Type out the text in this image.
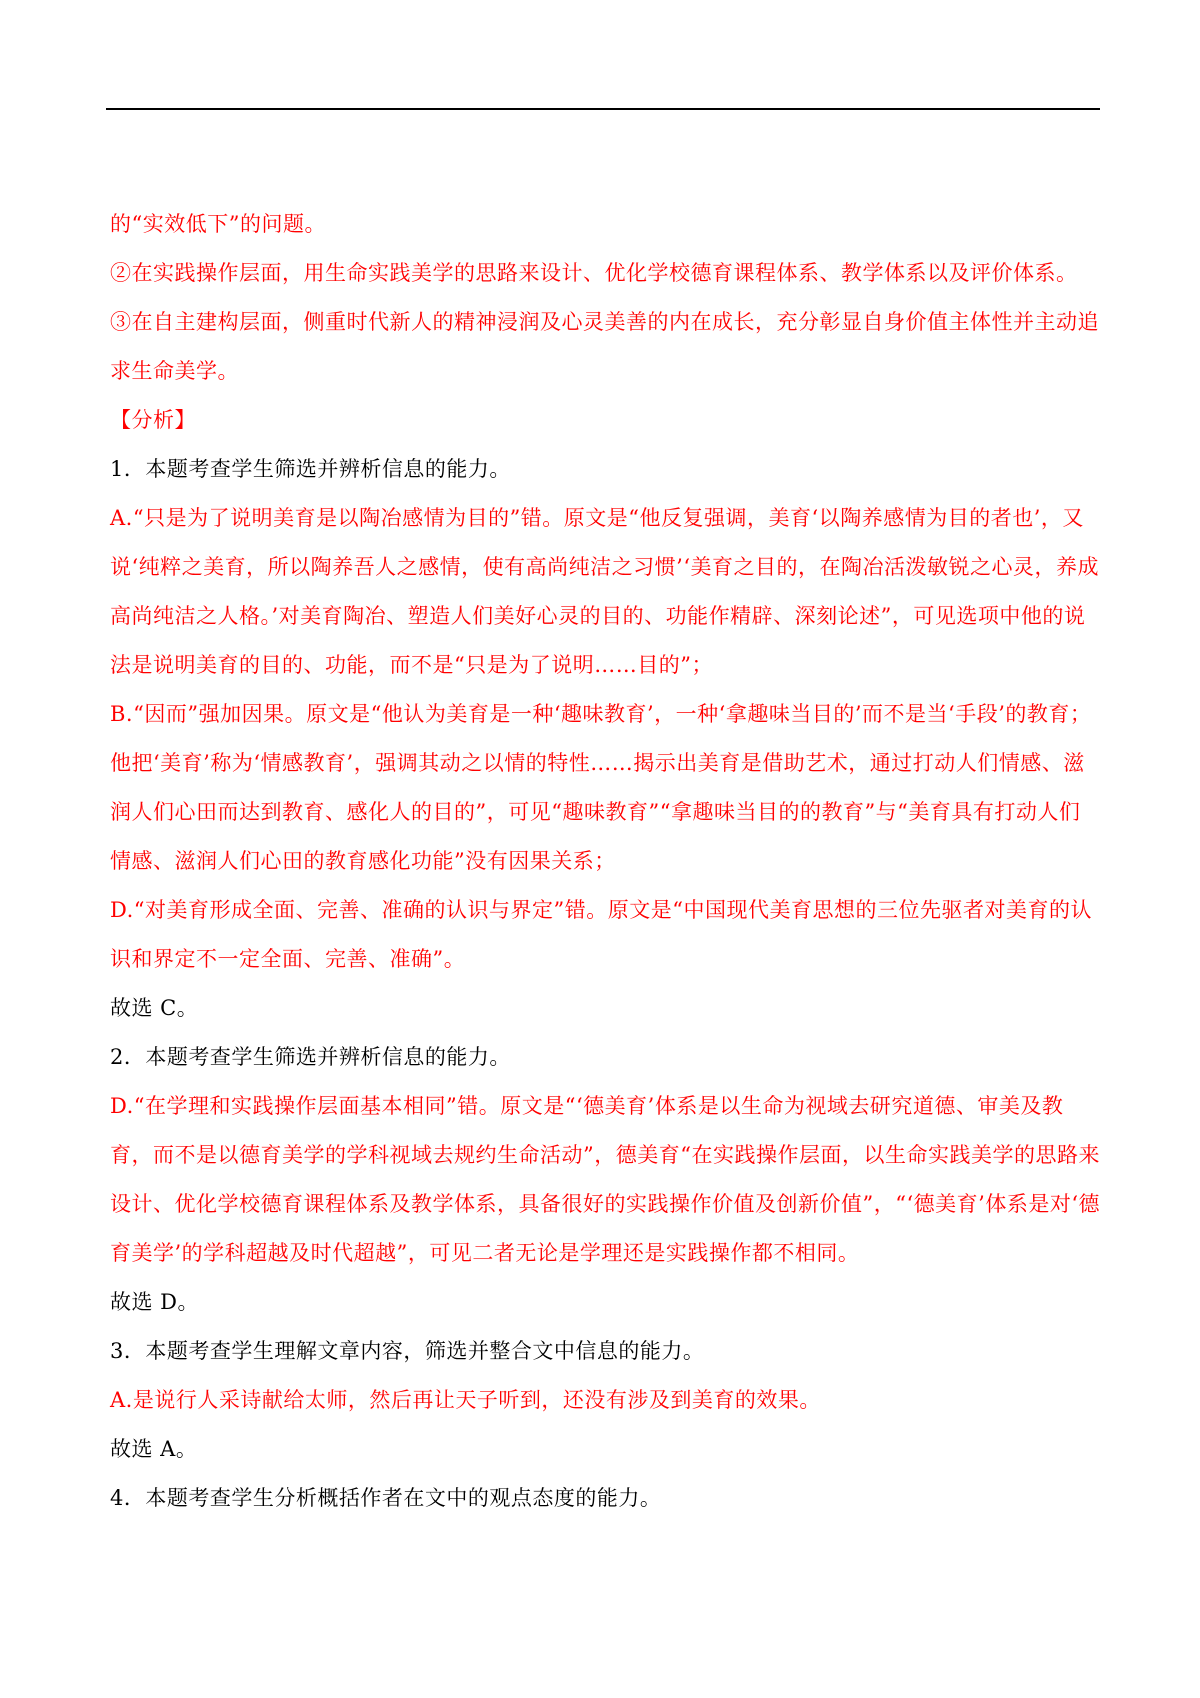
的“实效低下”的问题。

②在实践操作层面，用生命实践美学的思路来设计、优化学校德育课程体系、教学体系以及评价体系。

③在自主建构层面，侧重时代新人的精神浸润及心灵美善的内在成长，充分彰显自身价值主体性并主动追求生命美学。

【分析】

1．本题考查学生筛选并辨析信息的能力。

A.“只是为了说明美育是以陶冶感情为目的”错。原文是“他反复强调，美育‘以陶养感情为目的者也’，又说‘纯粹之美育，所以陶养吾人之感情，使有高尚纯洁之习惯’‘美育之目的，在陶冶活泼敏锐之心灵，养成高尚纯洁之人格。’对美育陶冶、塑造人们美好心灵的目的、功能作精辟、深刻论述”，可见选项中他的说法是说明美育的目的、功能，而不是“只是为了说明……目的”；

B.“因而”强加因果。原文是“他认为美育是一种‘趣味教育’，一种‘拿趣味当目的’而不是当‘手段’的教育；他把‘美育’称为‘情感教育’，强调其动之以情的特性……揭示出美育是借助艺术，通过打动人们情感、滋润人们心田而达到教育、感化人的目的”，可见“趣味教育”“拿趣味当目的的教育”与“美育具有打动人们情感、滋润人们心田的教育感化功能”没有因果关系；

D.“对美育形成全面、完善、准确的认识与界定”错。原文是“中国现代美育思想的三位先驱者对美育的认识和界定不一定全面、完善、准确”。

故选 C。

2．本题考查学生筛选并辨析信息的能力。

D.“在学理和实践操作层面基本相同”错。原文是“‘德美育’体系是以生命为视域去研究道德、审美及教育，而不是以德育美学的学科视域去规约生命活动”，德美育“在实践操作层面，以生命实践美学的思路来设计、优化学校德育课程体系及教学体系，具备很好的实践操作价值及创新价值”，“‘德美育’体系是对‘德育美学’的学科超越及时代超越”，可见二者无论是学理还是实践操作都不相同。

故选 D。

3．本题考查学生理解文章内容，筛选并整合文中信息的能力。

A.是说行人采诗献给太师，然后再让天子听到，还没有涉及到美育的效果。

故选 A。

4．本题考查学生分析概括作者在文中的观点态度的能力。
